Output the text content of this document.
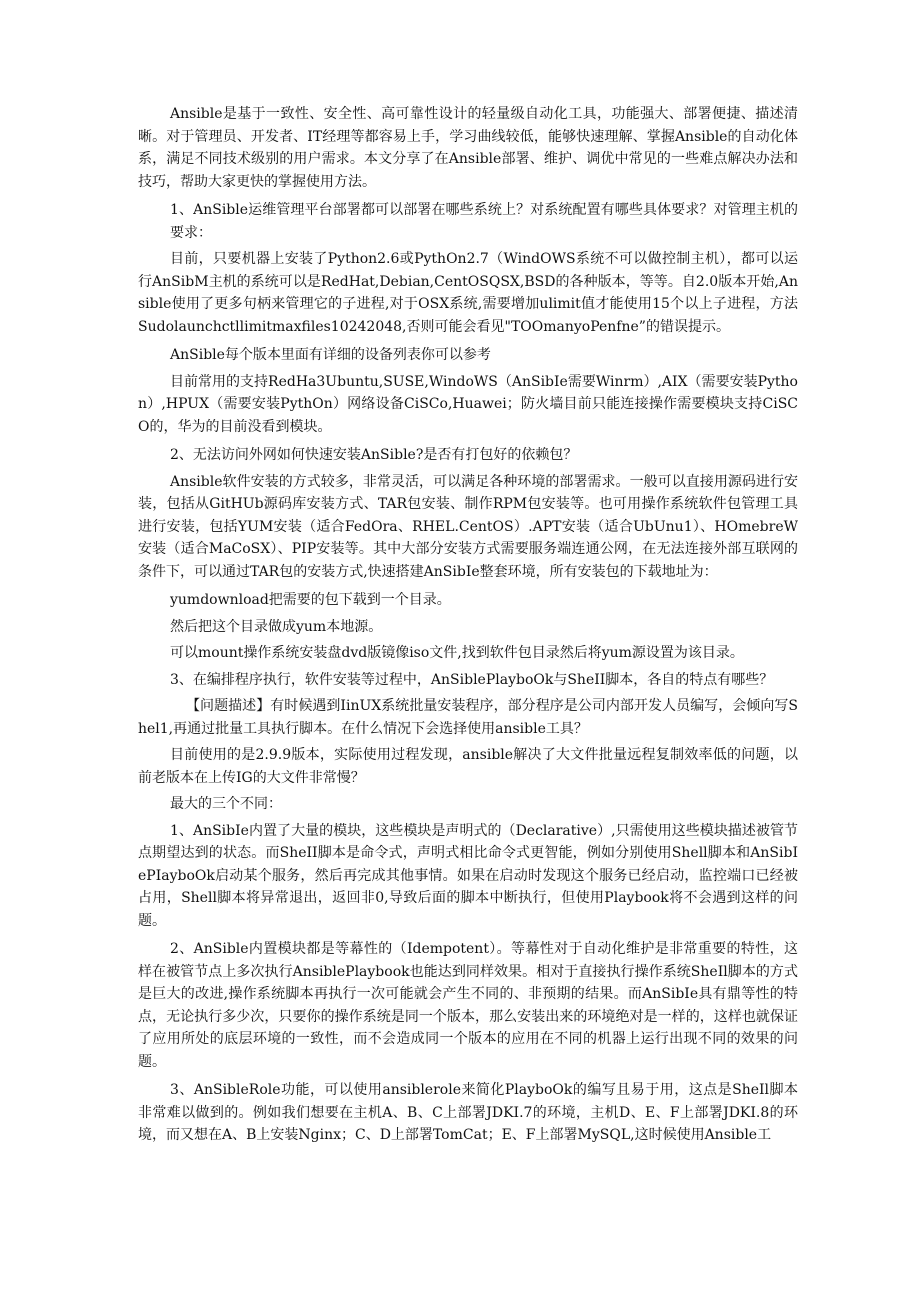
Ansible是基于一致性、安全性、高可靠性设计的轻量级自动化工具，功能强大、部署便捷、描述清晰。对于管理员、开发者、IT经理等都容易上手，学习曲线较低，能够快速理解、掌握Ansible的自动化体系，满足不同技术级别的用户需求。本文分享了在Ansible部署、维护、调优中常见的一些难点解决办法和技巧，帮助大家更快的掌握使用方法。

1、AnSible运维管理平台部署都可以部署在哪些系统上？对系统配置有哪些具体要求？对管理主机的要求：

目前，只要机器上安装了Python2.6或PythOn2.7（WindOWS系统不可以做控制主机），都可以运行AnSibM主机的系统可以是RedHat,Debian,CentOSQSX,BSD的各种版本，等等。自2.0版本开始,Ansible使用了更多句柄来管理它的子进程,对于OSX系统,需要增加ulimit值才能使用15个以上子进程，方法Sudolaunchctllimitmaxfiles10242048,否则可能会看见"TOOmanyoPenfne”的错误提示。

AnSible每个版本里面有详细的设备列表你可以参考

目前常用的支持RedHa3Ubuntu,SUSE,WindoWS（AnSibIe需要Winrm）,AIX（需要安装Python）,HPUX（需要安装PythOn）网络设备CiSCo,Huawei；防火墙目前只能连接操作需要模块支持CiSCO的，华为的目前没看到模块。

2、无法访问外网如何快速安装AnSible?是否有打包好的依赖包？

Ansible软件安装的方式较多，非常灵活，可以满足各种环境的部署需求。一般可以直接用源码进行安装，包括从GitHUb源码库安装方式、TAR包安装、制作RPM包安装等。也可用操作系统软件包管理工具进行安装，包括YUM安装（适合FedOra、RHEL.CentOS）.APT安装（适合UbUnu1）、HOmebreW安装（适合MaCoSX）、PIP安装等。其中大部分安装方式需要服务端连通公网，在无法连接外部互联网的条件下，可以通过TAR包的安装方式,快速搭建AnSibIe整套环境，所有安装包的下载地址为：

yumdownload把需要的包下载到一个目录。

然后把这个目录做成yum本地源。

可以mount操作系统安装盘dvd版镜像iso文件,找到软件包目录然后将yum源设置为该目录。

3、在编排程序执行，软件安装等过程中，AnSiblePlayboOk与SheII脚本，各自的特点有哪些？

【问题描述】有时候遇到IinUX系统批量安装程序，部分程序是公司内部开发人员编写，会倾向写Shel1,再通过批量工具执行脚本。在什么情况下会选择使用ansible工具？

目前使用的是2.9.9版本，实际使用过程发现，ansible解决了大文件批量远程复制效率低的问题，以前老版本在上传IG的大文件非常慢？

最大的三个不同：

1、AnSibIe内置了大量的模块，这些模块是声明式的（Declarative）,只需使用这些模块描述被管节点期望达到的状态。而SheII脚本是命令式，声明式相比命令式更智能，例如分别使用Shell脚本和AnSibIePIayboOk启动某个服务，然后再完成其他事情。如果在启动时发现这个服务已经启动，监控端口已经被占用，Shell脚本将异常退出，返回非0,导致后面的脚本中断执行，但使用Playbook将不会遇到这样的问题。

2、AnSible内置模块都是等幕性的（Idempotent）。等幕性对于自动化维护是非常重要的特性，这样在被管节点上多次执行AnsiblePlaybook也能达到同样效果。相对于直接执行操作系统SheIl脚本的方式是巨大的改进,操作系统脚本再执行一次可能就会产生不同的、非预期的结果。而AnSibIe具有鼎等性的特点，无论执行多少次，只要你的操作系统是同一个版本，那么安装出来的环境绝对是一样的，这样也就保证了应用所处的底层环境的一致性，而不会造成同一个版本的应用在不同的机器上运行出现不同的效果的问题。

3、AnSibleRole功能，可以使用ansiblerole来简化PlayboOk的编写且易于用，这点是SheIl脚本非常难以做到的。例如我们想要在主机A、B、C上部署JDKI.7的环境，主机D、E、F上部署JDKI.8的环境，而又想在A、B上安装Nginx；C、D上部署TomCat；E、F上部署MySQL,这时候使用Ansible工
